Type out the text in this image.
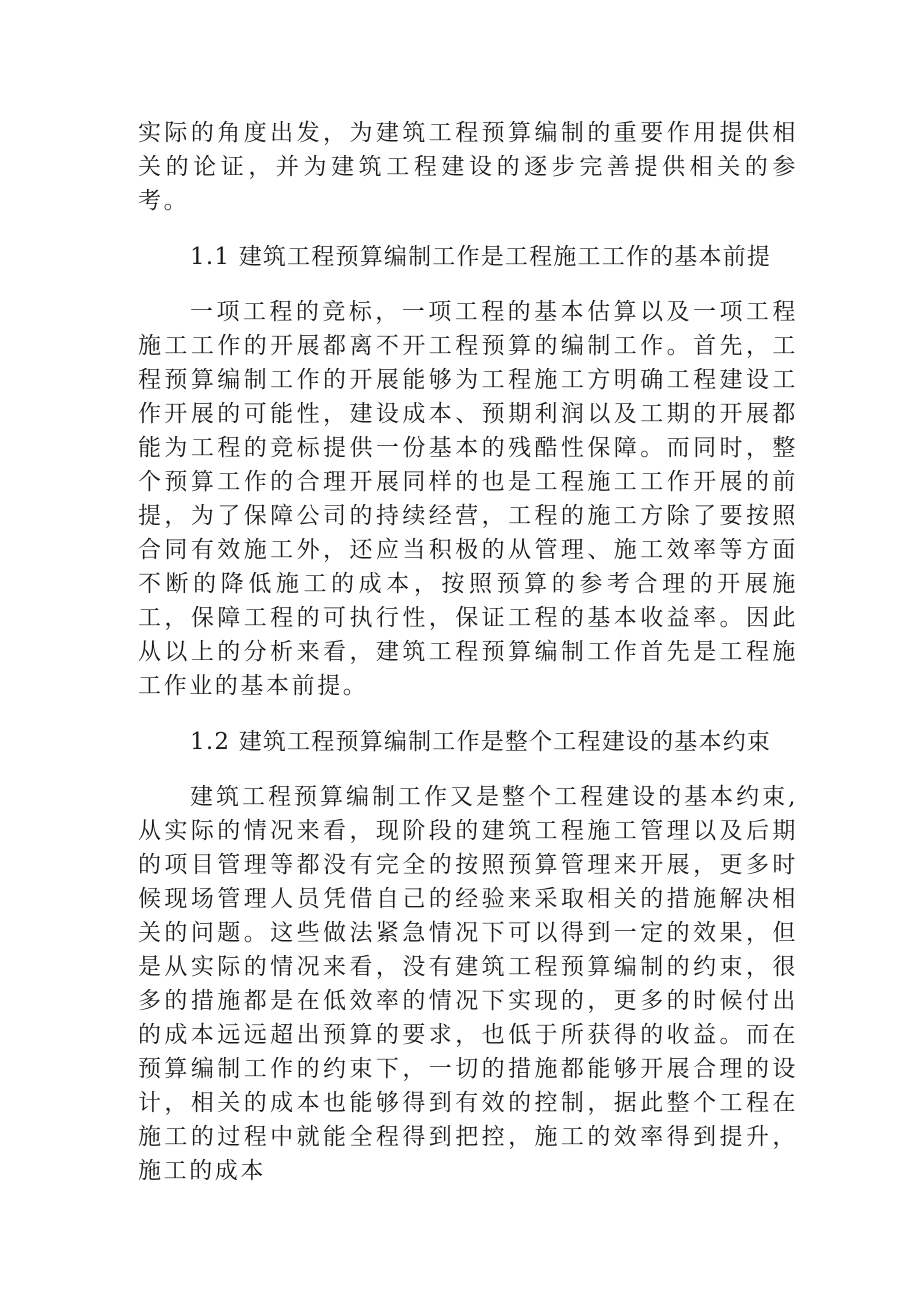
实际的角度出发，为建筑工程预算编制的重要作用提供相关的论证，并为建筑工程建设的逐步完善提供相关的参考。

1.1 建筑工程预算编制工作是工程施工工作的基本前提

一项工程的竞标，一项工程的基本估算以及一项工程施工工作的开展都离不开工程预算的编制工作。首先，工程预算编制工作的开展能够为工程施工方明确工程建设工作开展的可能性，建设成本、预期利润以及工期的开展都能为工程的竞标提供一份基本的残酷性保障。而同时，整个预算工作的合理开展同样的也是工程施工工作开展的前提，为了保障公司的持续经营，工程的施工方除了要按照合同有效施工外，还应当积极的从管理、施工效率等方面不断的降低施工的成本，按照预算的参考合理的开展施工，保障工程的可执行性，保证工程的基本收益率。因此从以上的分析来看，建筑工程预算编制工作首先是工程施工作业的基本前提。

1.2 建筑工程预算编制工作是整个工程建设的基本约束

建筑工程预算编制工作又是整个工程建设的基本约束,从实际的情况来看，现阶段的建筑工程施工管理以及后期的项目管理等都没有完全的按照预算管理来开展，更多时候现场管理人员凭借自己的经验来采取相关的措施解决相关的问题。这些做法紧急情况下可以得到一定的效果，但是从实际的情况来看，没有建筑工程预算编制的约束，很多的措施都是在低效率的情况下实现的，更多的时候付出的成本远远超出预算的要求，也低于所获得的收益。而在预算编制工作的约束下，一切的措施都能够开展合理的设计，相关的成本也能够得到有效的控制，据此整个工程在施工的过程中就能全程得到把控，施工的效率得到提升，施工的成本
